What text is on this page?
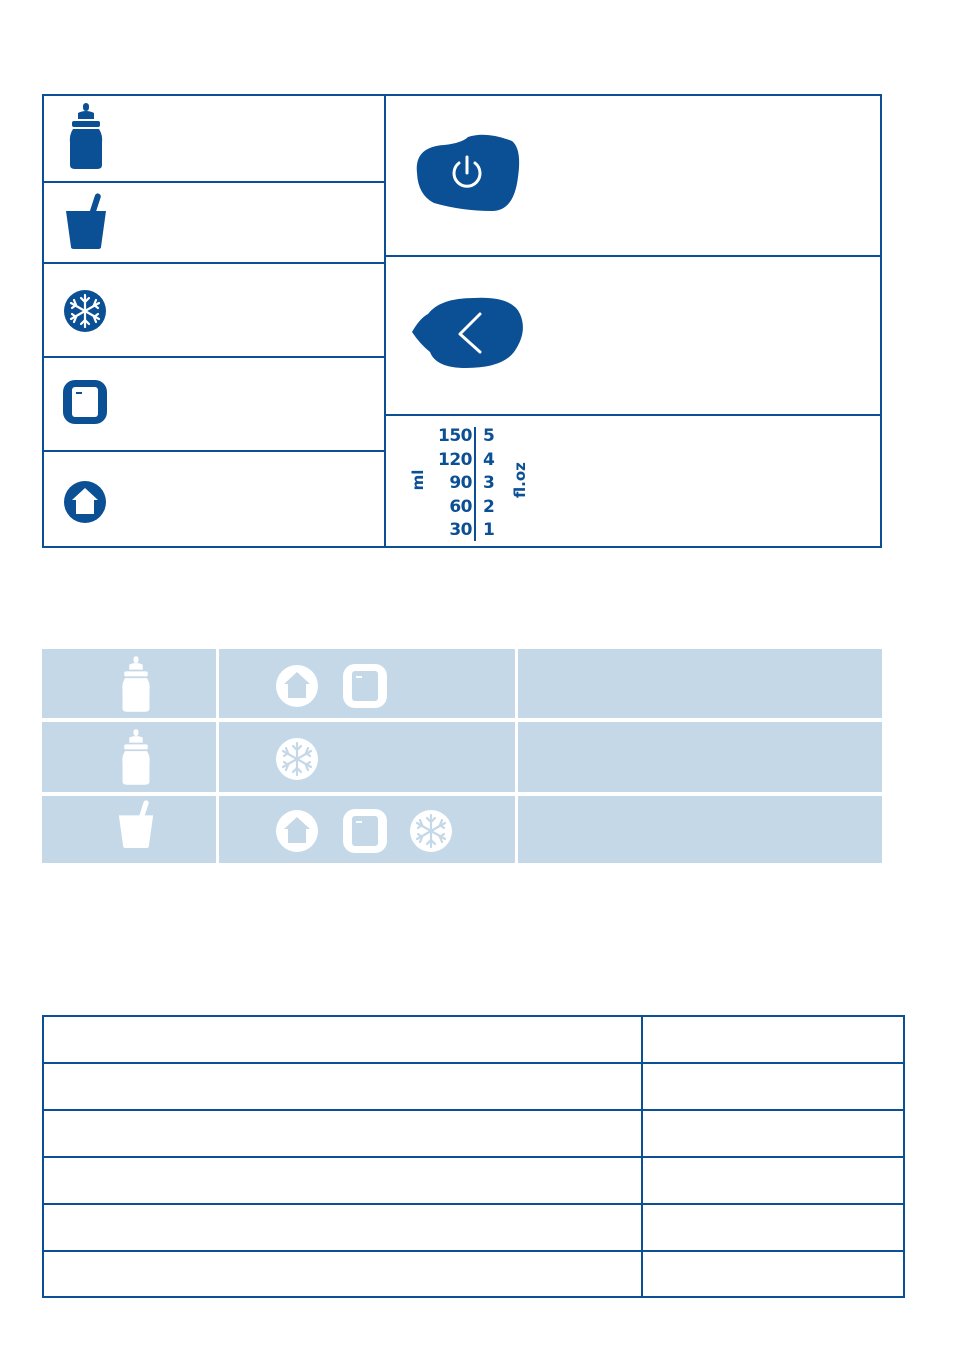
ml
150
120
90
60
30
5
4
3
2
1
fl.oz
